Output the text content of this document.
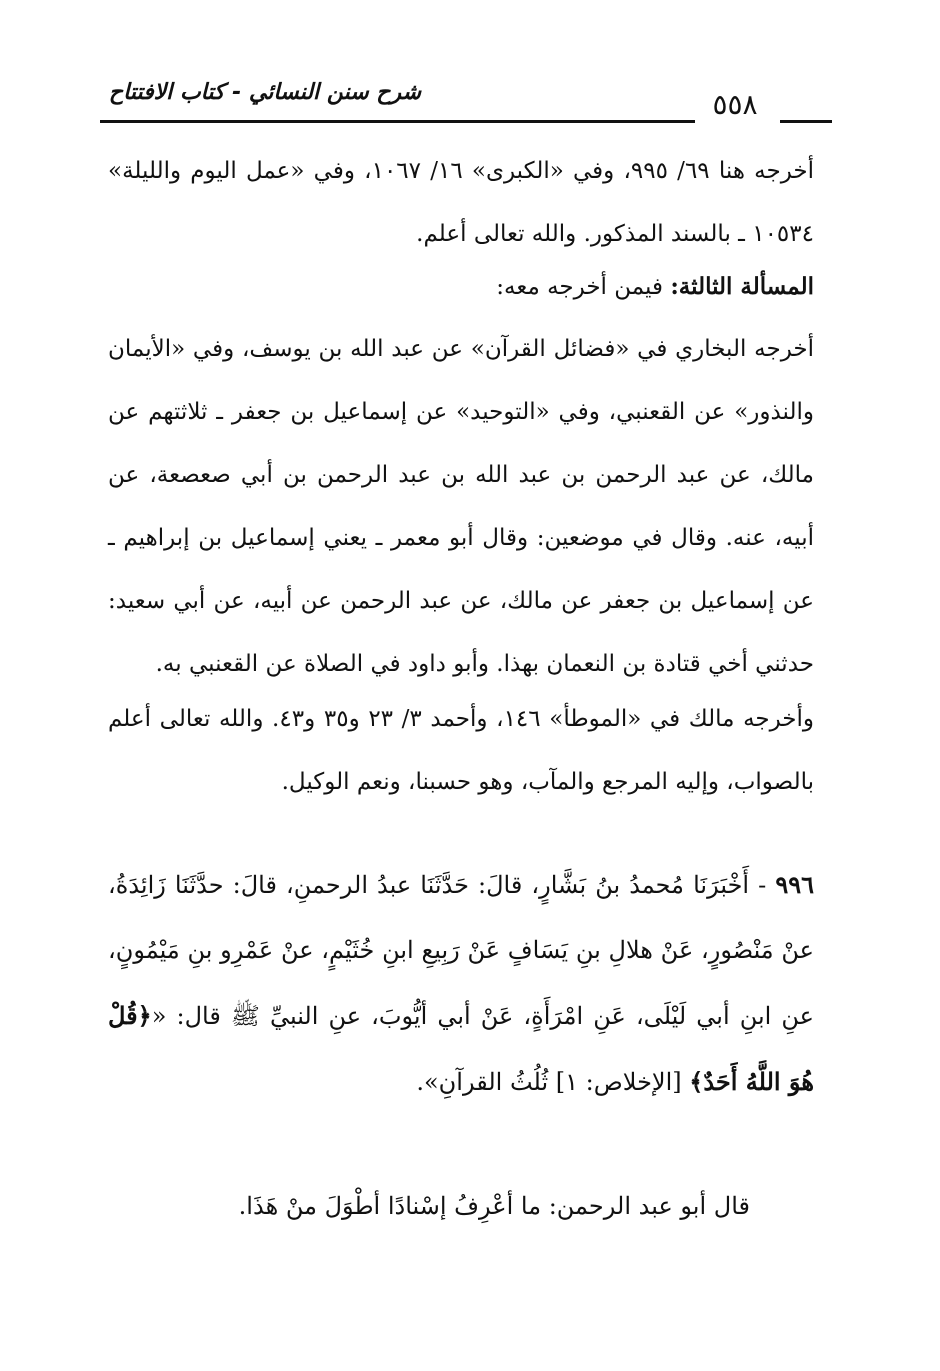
شرح سنن النسائي - كتاب الافتتاح	٥٥٨
أخرجه هنا ٦٩/ ٩٩٥، وفي «الكبرى» ١٦/ ١٠٦٧، وفي «عمل اليوم والليلة» ١٠٥٣٤ ـ بالسند المذكور. والله تعالى أعلم.
المسألة الثالثة: فيمن أخرجه معه:
أخرجه البخاري في «فضائل القرآن» عن عبد الله بن يوسف، وفي «الأيمان والنذور» عن القعنبي، وفي «التوحيد» عن إسماعيل بن جعفر ـ ثلاثتهم عن مالك، عن عبد الرحمن بن عبد الله بن عبد الرحمن بن أبي صعصعة، عن أبيه، عنه. وقال في موضعين: وقال أبو معمر ـ يعني إسماعيل بن إبراهيم ـ عن إسماعيل بن جعفر عن مالك، عن عبد الرحمن عن أبيه، عن أبي سعيد: حدثني أخي قتادة بن النعمان بهذا. وأبو داود في الصلاة عن القعنبي به.
وأخرجه مالك في «الموطأ» ١٤٦، وأحمد ٣/ ٢٣ و٣٥ و٤٣. والله تعالى أعلم بالصواب، وإليه المرجع والمآب، وهو حسبنا، ونعم الوكيل.
٩٩٦ - أَخْبَرَنَا مُحمدُ بنُ بَشَّارٍ، قالَ: حَدَّثَنَا عبدُ الرحمنِ، قالَ: حدَّثَنَا زَائِدَةُ، عنْ مَنْصُورٍ، عَنْ هلالِ بنِ يَسَافٍ عَنْ رَبِيعِ ابنِ خُثَيْمٍ، عنْ عَمْرِو بنِ مَيْمُونٍ، عنِ ابنِ أبي لَيْلَى، عَنِ امْرَأَةٍ، عَنْ أبي أيُّوبَ، عنِ النبيِّ ﷺ قال: «﴿قُلْ هُوَ اللَّهُ أَحَدٌ﴾ [الإخلاص: ١] ثُلُثُ القرآنِ».
قال أبو عبد الرحمن: ما أعْرِفُ إسْنادًا أطْوَلَ منْ هَذَا.
